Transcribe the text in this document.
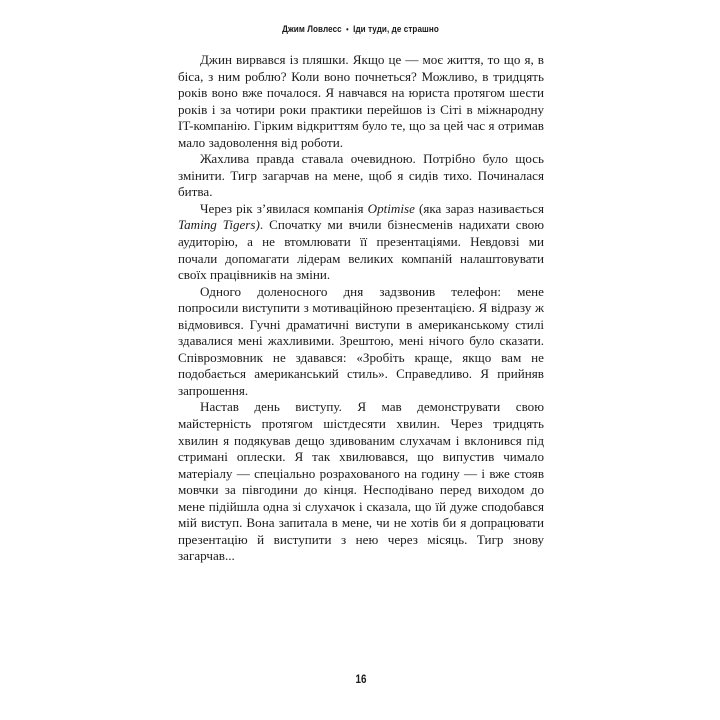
Джим Ловлесс • Іди туди, де страшно

Джин вирвався із пляшки. Якщо це — моє життя, то що я, в біса, з ним роблю? Коли воно почнеться? Можливо, в тридцять років воно вже почалося. Я навчався на юриста протягом шести років і за чотири роки практики перейшов із Сіті в міжнародну IT-компанію. Гірким відкриттям було те, що за цей час я отримав мало задоволення від роботи.

Жахлива правда ставала очевидною. Потрібно було щось змінити. Тигр загарчав на мене, щоб я сидів тихо. Починалася битва.

Через рік з’явилася компанія Optimise (яка зараз називається Taming Tigers). Спочатку ми вчили бізнесменів надихати свою аудиторію, а не втомлювати її презентаціями. Невдовзі ми почали допомагати лідерам великих компаній налаштовувати своїх працівників на зміни.

Одного доленосного дня задзвонив телефон: мене попросили виступити з мотиваційною презентацією. Я відразу ж відмовився. Гучні драматичні виступи в американському стилі здавалися мені жахливими. Зрештою, мені нічого було сказати. Співрозмовник не здавався: «Зробіть краще, якщо вам не подобається американський стиль». Справедливо. Я прийняв запрошення.

Настав день виступу. Я мав демонструвати свою майстерність протягом шістдесяти хвилин. Через тридцять хвилин я подякував дещо здивованим слухачам і вклонився під стримані оплески. Я так хвилювався, що випустив чимало матеріалу — спеціально розрахованого на годину — і вже стояв мовчки за півгодини до кінця. Несподівано перед виходом до мене підійшла одна зі слухачок і сказала, що їй дуже сподобався мій виступ. Вона запитала в мене, чи не хотів би я допрацювати презентацію й виступити з нею через місяць. Тигр знову загарчав...

16
